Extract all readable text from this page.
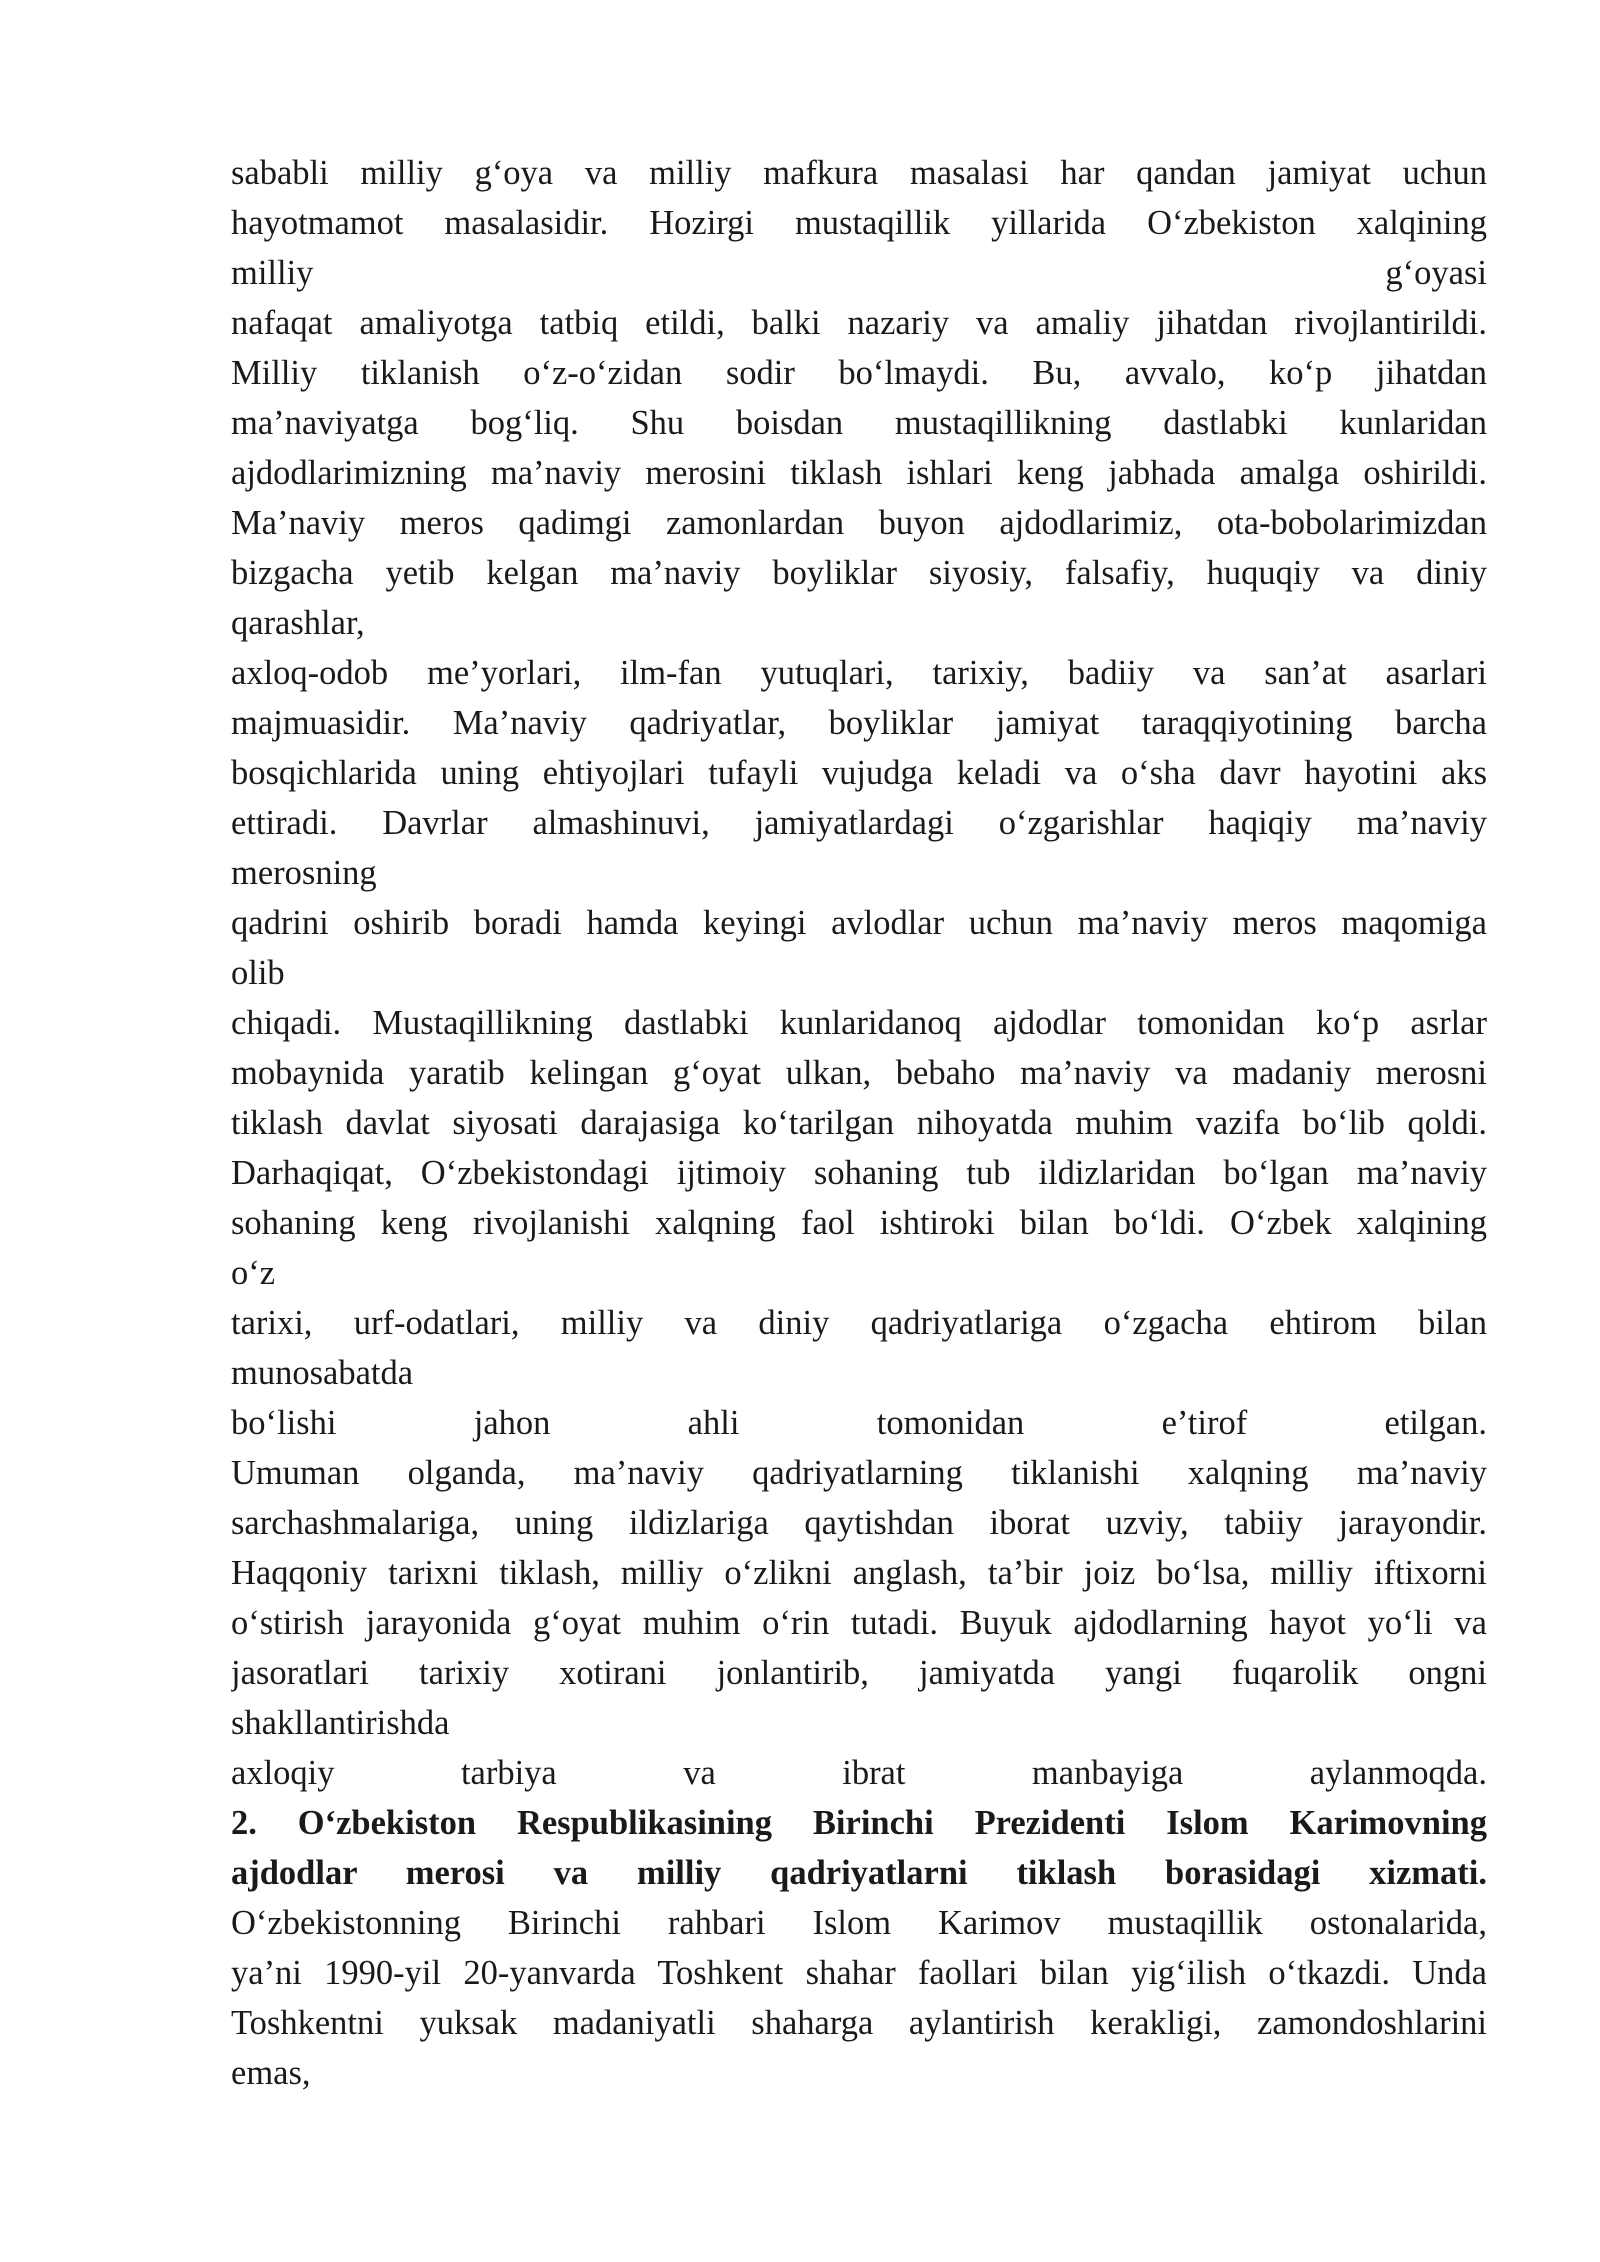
sababli milliy g‘oya va milliy mafkura masalasi har qandan jamiyat uchun
hayotmamot masalasidir. Hozirgi mustaqillik yillarida O‘zbekiston xalqining
milliy g‘oyasi
nafaqat amaliyotga tatbiq etildi, balki nazariy va amaliy jihatdan rivojlantirildi.
Milliy tiklanish o‘z-o‘zidan sodir bo‘lmaydi. Bu, avvalo, ko‘p jihatdan
ma’naviyatga bog‘liq. Shu boisdan mustaqillikning dastlabki kunlaridan
ajdodlarimizning ma’naviy merosini tiklash ishlari keng jabhada amalga oshirildi.
Ma’naviy meros qadimgi zamonlardan buyon ajdodlarimiz, ota-bobolarimizdan
bizgacha yetib kelgan ma’naviy boyliklar siyosiy, falsafiy, huquqiy va diniy
qarashlar,
axloq-odob me’yorlari, ilm-fan yutuqlari, tarixiy, badiiy va san’at asarlari
majmuasidir. Ma’naviy qadriyatlar, boyliklar jamiyat taraqqiyotining barcha
bosqichlarida uning ehtiyojlari tufayli vujudga keladi va o‘sha davr hayotini aks
ettiradi. Davrlar almashinuvi, jamiyatlardagi o‘zgarishlar haqiqiy ma’naviy
merosning
qadrini oshirib boradi hamda keyingi avlodlar uchun ma’naviy meros maqomiga
olib
chiqadi. Mustaqillikning dastlabki kunlaridanoq ajdodlar tomonidan ko‘p asrlar
mobaynida yaratib kelingan g‘oyat ulkan, bebaho ma’naviy va madaniy merosni
tiklash davlat siyosati darajasiga ko‘tarilgan nihoyatda muhim vazifa bo‘lib qoldi.
Darhaqiqat, O‘zbekistondagi ijtimoiy sohaning tub ildizlaridan bo‘lgan ma’naviy
sohaning keng rivojlanishi xalqning faol ishtiroki bilan bo‘ldi. O‘zbek xalqining
o‘z
tarixi, urf-odatlari, milliy va diniy qadriyatlariga o‘zgacha ehtirom bilan
munosabatda
bo‘lishi jahon ahli tomonidan e’tirof etilgan.
Umuman olganda, ma’naviy qadriyatlarning tiklanishi xalqning ma’naviy
sarchashmalariga, uning ildizlariga qaytishdan iborat uzviy, tabiiy jarayondir.
Haqqoniy tarixni tiklash, milliy o‘zlikni anglash, ta’bir joiz bo‘lsa, milliy iftixorni
o‘stirish jarayonida g‘oyat muhim o‘rin tutadi. Buyuk ajdodlarning hayot yo‘li va
jasoratlari tarixiy xotirani jonlantirib, jamiyatda yangi fuqarolik ongni
shakllantirishda
axloqiy tarbiya va ibrat manbayiga aylanmoqda.
2. O‘zbekiston Respublikasining Birinchi Prezidenti Islom Karimovning
ajdodlar merosi va milliy qadriyatlarni tiklash borasidagi xizmati.
O‘zbekistonning Birinchi rahbari Islom Karimov mustaqillik ostonalarida,
ya’ni 1990-yil 20-yanvarda Toshkent shahar faollari bilan yig‘ilish o‘tkazdi. Unda
Toshkentni yuksak madaniyatli shaharga aylantirish kerakligi, zamondoshlarini
emas,
